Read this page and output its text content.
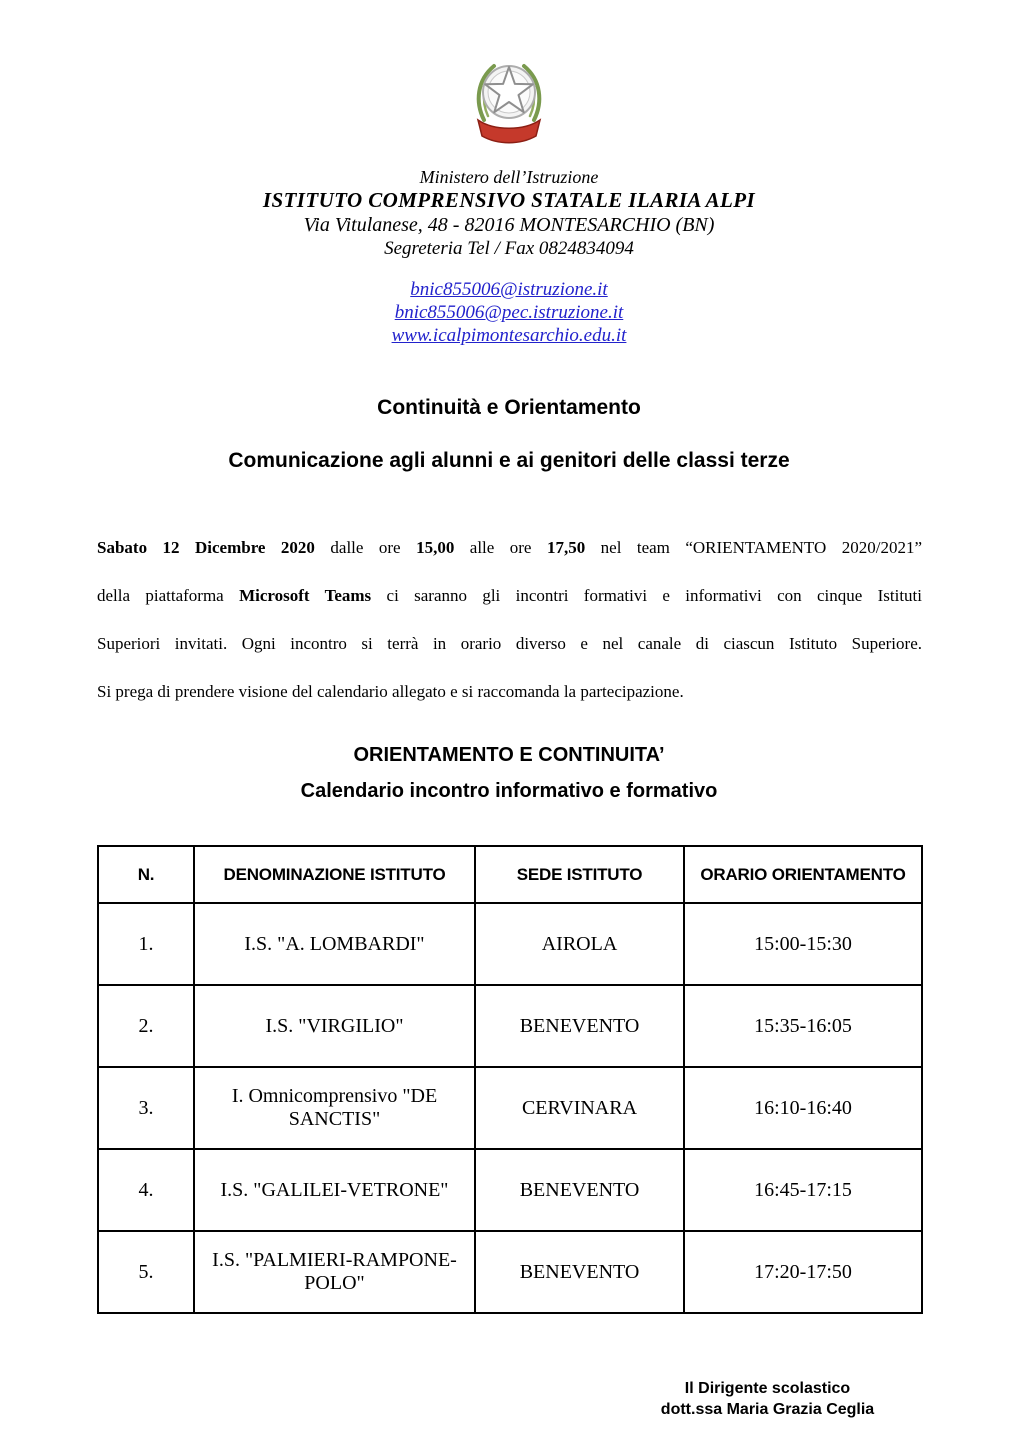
Ministero dell’Istruzione
ISTITUTO COMPRENSIVO STATALE ILARIA ALPI
Via Vitulanese, 48 - 82016 MONTESARCHIO (BN)
Segreteria Tel / Fax 0824834094
bnic855006@istruzione.it
bnic855006@pec.istruzione.it
www.icalpimontesarchio.edu.it
Continuità e Orientamento
Comunicazione agli alunni e ai genitori delle classi terze
Sabato 12 Dicembre 2020 dalle ore 15,00 alle ore 17,50 nel team “ORIENTAMENTO 2020/2021”
della piattaforma Microsoft Teams ci saranno gli incontri formativi e informativi con cinque Istituti
Superiori invitati. Ogni incontro si terrà in orario diverso e nel canale di ciascun Istituto Superiore.
Si prega di prendere visione del calendario allegato e si raccomanda la partecipazione.
ORIENTAMENTO E CONTINUITA’
Calendario incontro informativo e formativo
N.	DENOMINAZIONE ISTITUTO	SEDE ISTITUTO	ORARIO ORIENTAMENTO
1.	I.S. "A. LOMBARDI"	AIROLA	15:00-15:30
2.	I.S. "VIRGILIO"	BENEVENTO	15:35-16:05
3.	I. Omnicomprensivo "DE SANCTIS"	CERVINARA	16:10-16:40
4.	I.S. "GALILEI-VETRONE"	BENEVENTO	16:45-17:15
5.	I.S. "PALMIERI-RAMPONE-POLO"	BENEVENTO	17:20-17:50
Il Dirigente scolastico
dott.ssa Maria Grazia Ceglia
